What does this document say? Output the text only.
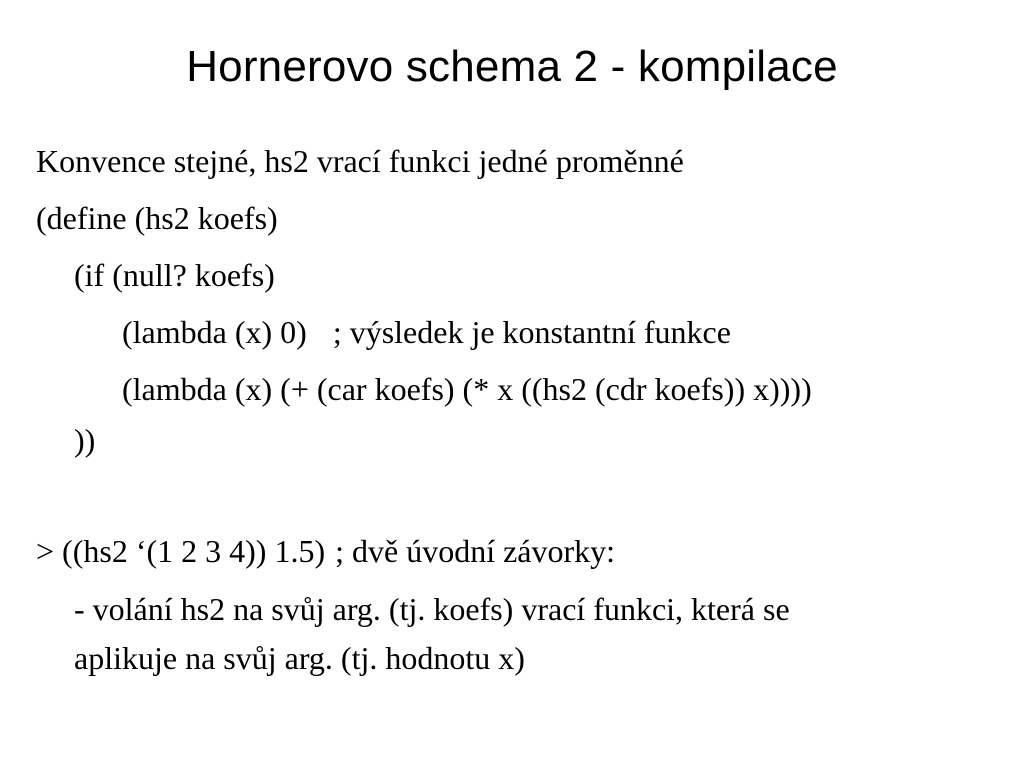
Hornerovo schema 2 - kompilace

Konvence stejné, hs2 vrací funkci jedné proměnné

(define (hs2 koefs)

(if (null? koefs)

(lambda (x) 0) ; výsledek je konstantní funkce

(lambda (x) (+ (car koefs) (* x ((hs2 (cdr koefs)) x))))

))

> ((hs2 ‘(1 2 3 4)) 1.5) ; dvě úvodní závorky:

- volání hs2 na svůj arg. (tj. koefs) vrací funkci, která se

aplikuje na svůj arg. (tj. hodnotu x)
